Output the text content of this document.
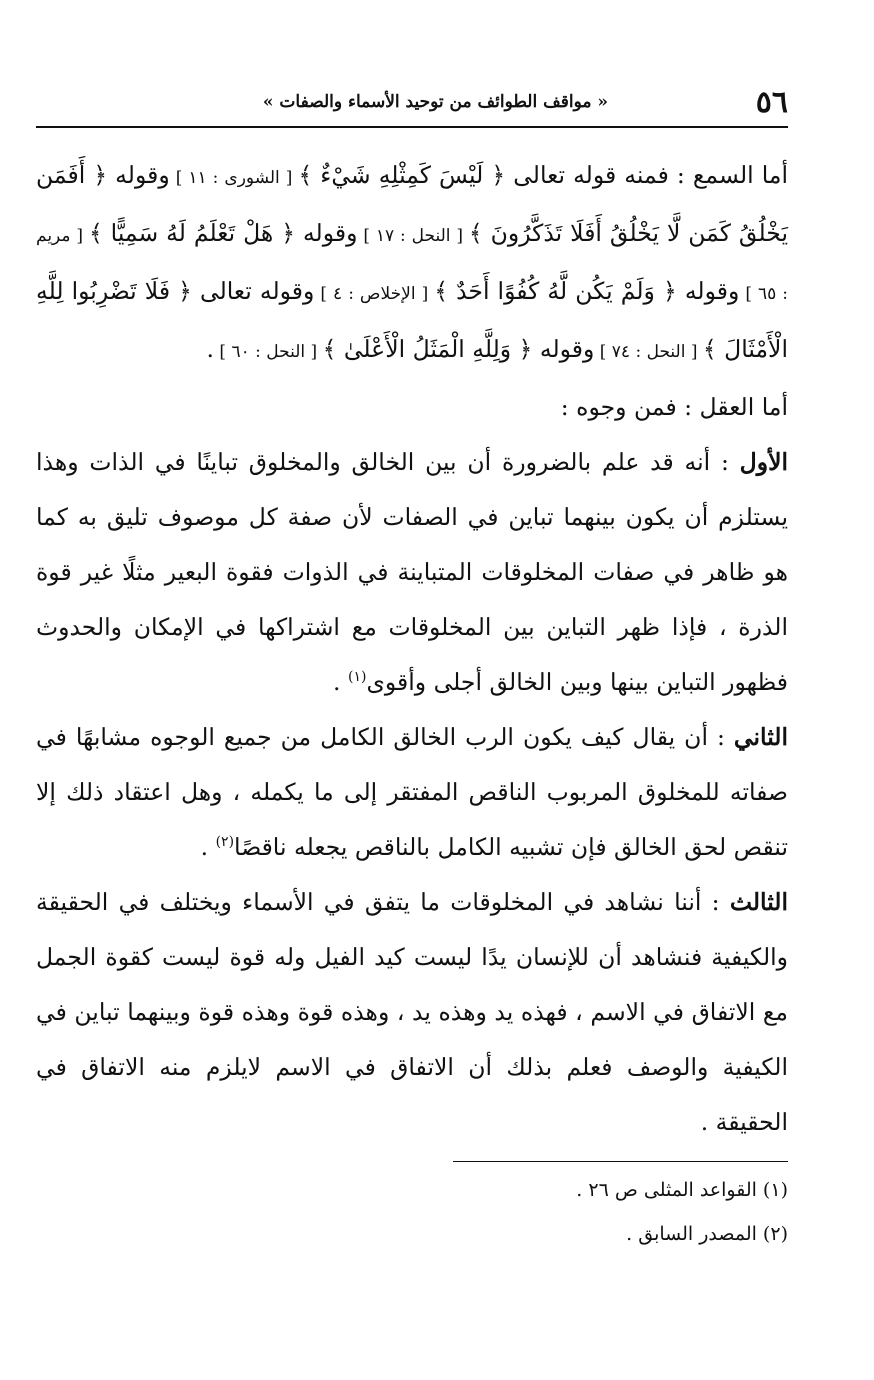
٥٦
« مواقف الطوائف من توحيد الأسماء والصفات »

أما السمع : فمنه قوله تعالى ﴿ لَيْسَ كَمِثْلِهِ شَيْءٌ ﴾ [ الشورى : ١١ ] وقوله ﴿ أَفَمَن يَخْلُقُ كَمَن لَّا يَخْلُقُ أَفَلَا تَذَكَّرُونَ ﴾ [ النحل : ١٧ ] وقوله ﴿ هَلْ تَعْلَمُ لَهُ سَمِيًّا ﴾ [ مريم : ٦٥ ] وقوله ﴿ وَلَمْ يَكُن لَّهُ كُفُوًا أَحَدٌ ﴾ [ الإخلاص : ٤ ] وقوله تعالى ﴿ فَلَا تَضْرِبُوا لِلَّهِ الْأَمْثَالَ ﴾ [ النحل : ٧٤ ] وقوله ﴿ وَلِلَّهِ الْمَثَلُ الْأَعْلَىٰ ﴾ [ النحل : ٦٠ ] .

أما العقل : فمن وجوه :

الأول : أنه قد علم بالضرورة أن بين الخالق والمخلوق تباينًا في الذات وهذا يستلزم أن يكون بينهما تباين في الصفات لأن صفة كل موصوف تليق به كما هو ظاهر في صفات المخلوقات المتباينة في الذوات فقوة البعير مثلًا غير قوة الذرة ، فإذا ظهر التباين بين المخلوقات مع اشتراكها في الإمكان والحدوث فظهور التباين بينها وبين الخالق أجلى وأقوى$^{(١)}$ .

الثاني : أن يقال كيف يكون الرب الخالق الكامل من جميع الوجوه مشابهًا في صفاته للمخلوق المربوب الناقص المفتقر إلى ما يكمله ، وهل اعتقاد ذلك إلا تنقص لحق الخالق فإن تشبيه الكامل بالناقص يجعله ناقصًا$^{(٢)}$ .

الثالث : أننا نشاهد في المخلوقات ما يتفق في الأسماء ويختلف في الحقيقة والكيفية فنشاهد أن للإنسان يدًا ليست كيد الفيل وله قوة ليست كقوة الجمل مع الاتفاق في الاسم ، فهذه يد وهذه يد ، وهذه قوة وهذه قوة وبينهما تباين في الكيفية والوصف فعلم بذلك أن الاتفاق في الاسم لايلزم منه الاتفاق في الحقيقة .

(١) القواعد المثلى ص ٢٦ .
(٢) المصدر السابق .
